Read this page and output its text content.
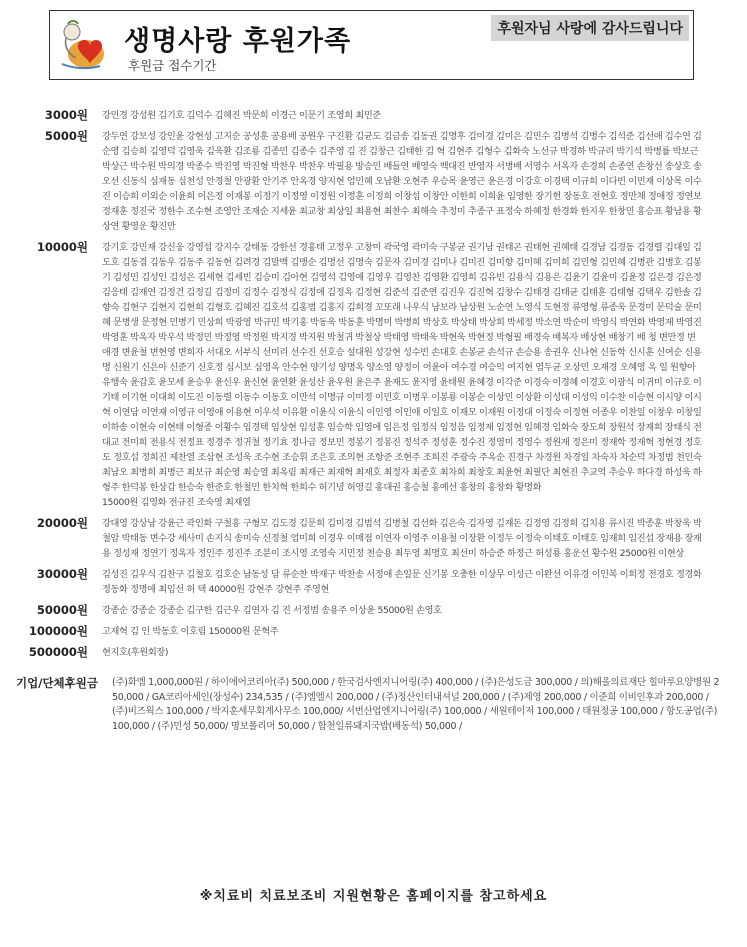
생명사랑 후원가족
후원금 접수기간
후원자님 사랑에 감사드립니다
3000원	강민경 강성원 김기호 김덕수 김헤진 박문희 이경근 이문기 조영희 최민준
5000원	강두연 강보성 강인윤 강현성 고지순 공성훈 공용배 공원우 구진환 김균도 김금송 김동권 김명후 김미경 김미은 김민수 김병석 김병수 김석준 김선애 김수연 김순영 김승희 김영덕 김영욱 김욱환 김조룡 김종민 김종수 김주영 김 진 김창근 김태한 김 혁 김현주 김형수 김화숙 노선규 박경하 박규리 박기석 박병률 박보근 박상근 박수원 박의경 박종수 박진영 박진형 박찬우 박찬우 박필용 방승민 배들연 배영숙 백대진 반영자 서병배 서영수 서옥자 손경희 손종연 손창선 송상호 송오선 신동식 심재동 심천성 안경철 안광환 안기주 안옥경 양지현 엄민혜 오남환 오현주 우승목 윤영근 윤은경 이강호 이경택 이규희 이다빈 이민재 이상목 이수진 이승희 이외순 이윤희 이은정 이재봉 이정기 이정영 이정원 이정훈 이정희 이창섭 이창안 이한희 이희윤 임영한 장기헌 장동호 전현호 정만채 정애정 정연보 정재훈 정진국 정한수 조수현 조영안 조재순 지세윤 최교창 최상일 최용현 최찬수 최해숙 추정미 추종구 표정숙 하혜정 한경화 한지우 한창민 홍승표 황남용 황상연 황영운 황진만
10000원	강기호 강민재 강신웅 강영섭 강지수 강태동 강한선 경홍태 고정우 고창미 곽국영 곽미숙 구봉균 권기남 권태곤 권태현 권혜태 김경남 김경동 김경렬 김대일 김도호 김동겸 김동우 김동주 김동현 김려경 김말백 김맹순 김명선 김명숙 김문자 김미경 김미나 김미진 김미향 김미혜 김미희 김민형 김민혜 김병관 김병호 김봉기 김성민 김성인 김성은 김세현 김세빈 김승미 김아현 김영석 김영애 김영우 김영찬 김영환 김영희 김유빈 김용식 김용은 김윤기 김윤미 김윤정 김은경 김은정 김응태 김재연 김정건 김정길 김정미 김정수 김정식 김정애 김정옥 김정현 김준석 김준연 김진우 김진혁 김창수 김태경 김태균 김태훈 김태형 김택우 김한솔 김향숙 김현구 김현지 김현희 김형호 김혜진 김호석 김홍범 김홍지 김희경 꼬또래 나우식 남보라 남상원 노순연 노영식 도현정 류영형 류종욱 문경미 문덕술 문미혜 문병생 문정현 민병기 민상희 박광영 박규민 박기홍 박동욱 박동훈 박명미 박병희 박상호 박상태 박상희 박세정 박소연 박순미 박영식 박연화 박영재 박영진 박영훈 박옥자 박우석 박정민 박정영 박정원 박지경 박지원 박철귀 박철상 박태영 박태욱 박현욱 박현정 박형필 배경숙 배복자 배상현 배창기 배 청 변만정 변애경 변윤철 변현영 변희자 서대오 서부식 선미리 선수진 선호승 설대원 성강현 성수빈 손대호 손봉균 손석규 손승용 송권우 신나현 신동학 신시훈 신여순 신용명 신원기 신은아 신준기 신호정 심시보 심영옥 안수현 양기성 양명옥 양소영 양정이 어윤아 여수경 여승익 여지현 염두균 오상민 오재경 오혜영 옥 일 원향아 유행숙 윤갑호 윤모세 윤승우 윤신우 윤신현 윤연환 윤성산 윤우원 윤은주 윤재도 윤지영 윤태원 윤혜경 이각준 이경숙 이경혜 이경호 이광식 이귀미 이규호 이기태 이기현 이대희 이도진 이동렬 이동수 이동호 이만석 이명규 이미정 이민호 이병우 이봉룡 이봉순 이상민 이상환 이성대 이성익 이수찬 이승현 이시양 이시혁 이연담 이연재 이영규 이영애 이용현 이우석 이유환 이윤식 이윤식 이인영 이인애 이일호 이재모 이재원 이정대 이정숙 이정현 이종우 이찬일 이창우 이창일 이하송 이현숙 이현태 이형종 이황수 임경택 임상현 임성훈 임승학 임영애 임은정 임정식 임정음 임정재 임정현 임혜경 임화숙 장도희 장원석 장재희 장태식 전대교 전미희 전용식 전정표 정경주 정귀철 정기효 정나금 정보민 정봉기 정봉진 정석주 정성훈 정수진 정영미 정영수 정원재 정은미 정재학 정재혁 정현경 정호도 정호섭 정희진 제찬열 조삼현 조성욱 조수현 조승휘 조은호 조의현 조항준 조현주 조희진 주광숙 주옥순 진경구 차경원 차경일 차숙자 차순덕 차정범 천인숙 최남오 최병희 최병근 최보규 최순영 최승열 최옥림 최재근 최재혁 최재호 최정자 최종호 최차희 최창호 최윤현 최필단 최현진 추교억 추승우 하다경 하성욱 하형주 한덕봉 한상갑 한승숙 한준호 한철민 한치혁 한희수 허기녕 허영길 홍대권 홍승철 홍예선 홍창의 홍창화 황명화
15000원 김영화 전규진 조숙영 최재열
20000원	강대영 강상남 강윤근 곽인화 구철홍 구형모 김도경 김문희 김미경 김범석 김병철 김선화 김은숙 김자영 김재돈 김정영 김정희 김치용 류시진 박종훈 박창욱 박철암 박태동 변수강 세사미 손지식 송미숙 신정철 엄미희 이경우 이매점 이연자 이영주 이용철 이장환 이정두 이정숙 이태호 이태호 임재희 임진섭 장재용 장재용 정성재 정연기 정옥자 정인주 정진주 조분이 조시영 조영숙 지민정 천승용 최두영 최명호 최선미 하승준 하정근 허성룡 홍운선 황수원 25000원 이현상
30000원	김성진 김우식 김찬구 김철호 김호순 남동성 담 류순찬 박재구 박찬송 서정애 손일문 신기봉 오충한 이상무 이성근 이완선 이유경 이인복 이희정 전경호 정경화 정동화 정명애 최임선 허 택 40000원 강현주 강현주 주영현
50000원	강종순 강종순 강종순 김구한 김근우 김연자 김 진 서정범 송용주 이상윤 55000원 손영호
100000원	고재혁 김 인 박동호 이호림 150000원 문혁주
500000원	현지호(후원회장)
기업/단체후원금	(주)화엠 1,000,000원 / 하이에어코리아(주) 500,000 / 한국검사엔지니어링(주) 400,000 / (주)은성도금 300,000 / 의)해올의료재단 힐마루요양병원 250,000 / GA코리아세인(장성수) 234,535 / (주)엠엘시 200,000 / (주)정산인터내셔널 200,000 / (주)제영 200,000 / 이준희 이비인후과 200,000 / (주)비즈웍스 100,000 / 박지훈세무회계사무소 100,000/ 서번산업엔지니어링(주) 100,000 / 세원테이저 100,000 / 태원정공 100,000 / 항도공업(주) 100,000 / (주)민성 50,000/ 명보폴리머 50,000 / 합천일류돼지국밥(배동석) 50,000 /
※치료비 치료보조비 지원현황은 홈페이지를 참고하세요
